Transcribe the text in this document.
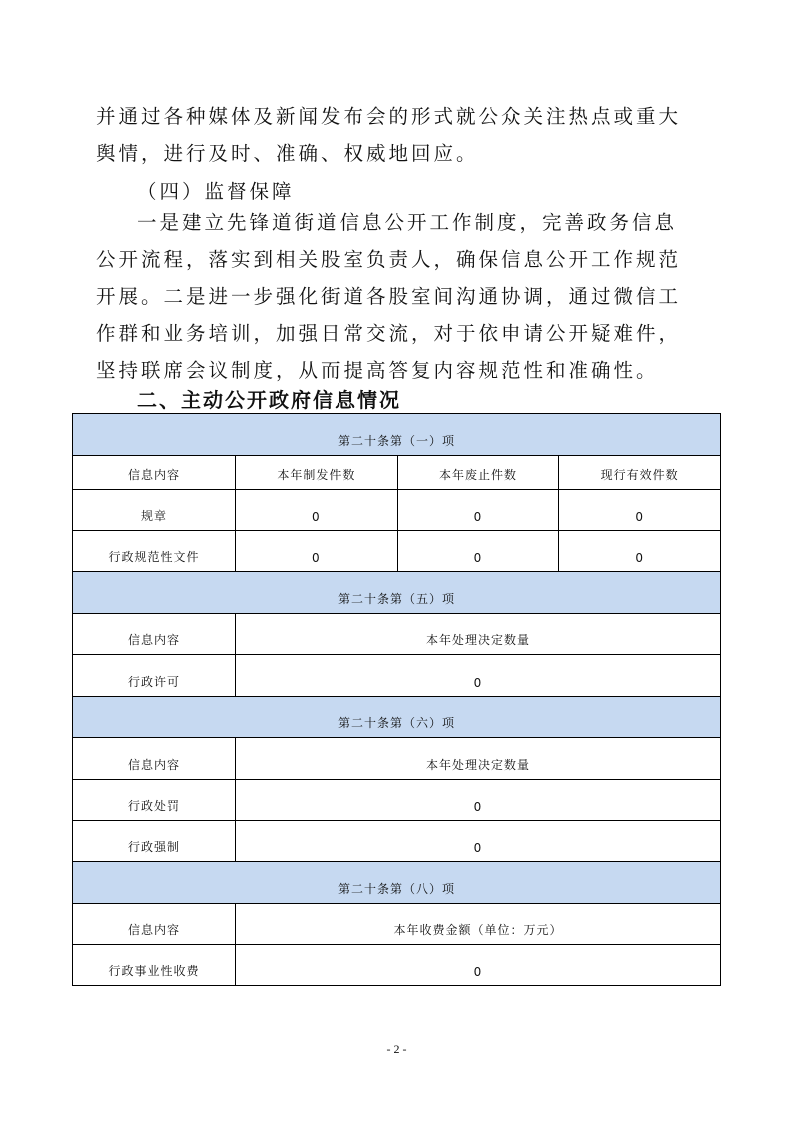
并通过各种媒体及新闻发布会的形式就公众关注热点或重大舆情，进行及时、准确、权威地回应。

（四）监督保障

一是建立先锋道街道信息公开工作制度，完善政务信息公开流程，落实到相关股室负责人，确保信息公开工作规范开展。二是进一步强化街道各股室间沟通协调，通过微信工作群和业务培训，加强日常交流，对于依申请公开疑难件，坚持联席会议制度，从而提高答复内容规范性和准确性。

二、主动公开政府信息情况

第二十条第（一）项			
信息内容	本年制发件数	本年废止件数	现行有效件数
规章	0	0	0
行政规范性文件	0	0	0
第二十条第（五）项			
信息内容	本年处理决定数量		
行政许可	0		
第二十条第（六）项			
信息内容	本年处理决定数量		
行政处罚	0		
行政强制	0		
第二十条第（八）项			
信息内容	本年收费金额（单位：万元）		
行政事业性收费	0		
- 2 -
